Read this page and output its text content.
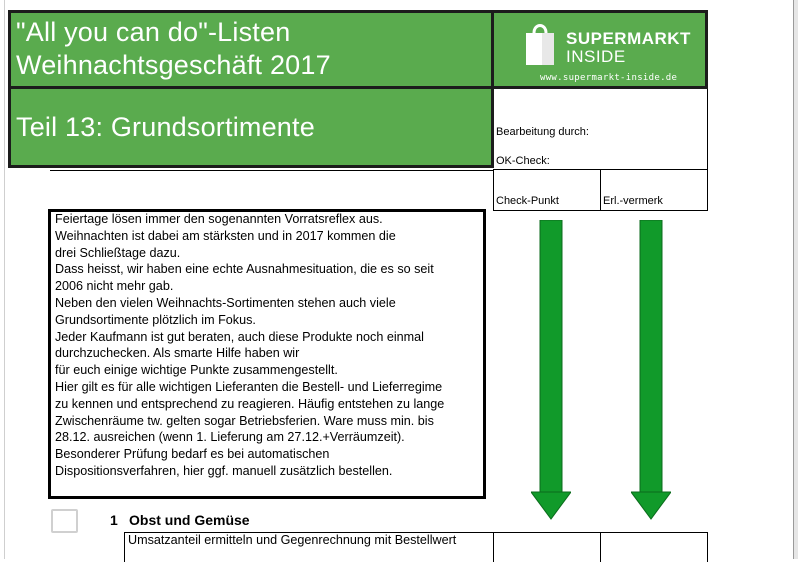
"All you can do"-Listen
Weihnachtsgeschäft 2017
SUPERMARKT
INSIDE
www.supermarkt-inside.de
Teil 13: Grundsortimente	Bearbeitung durch:
OK-Check:
Check-Punkt	Erl.-vermerk
Feiertage lösen immer den sogenannten Vorratsreflex aus.
Weihnachten ist dabei am stärksten und in 2017 kommen die
drei Schließtage dazu.
Dass heisst, wir haben eine echte Ausnahmesituation, die es so seit
2006 nicht mehr gab.
Neben den vielen Weihnachts-Sortimenten stehen auch viele
Grundsortimente plötzlich im Fokus.
Jeder Kaufmann ist gut beraten, auch diese Produkte noch einmal
durchzuchecken. Als smarte Hilfe haben wir
für euch einige wichtige Punkte zusammengestellt.
Hier gilt es für alle wichtigen Lieferanten die Bestell- und Lieferregime
zu kennen und entsprechend zu reagieren. Häufig entstehen zu lange
Zwischenräume tw. gelten sogar Betriebsferien. Ware muss min. bis
28.12. ausreichen (wenn 1. Lieferung am 27.12.+Verräumzeit).
Besonderer Prüfung bedarf es bei automatischen
Dispositionsverfahren, hier ggf. manuell zusätzlich bestellen.
1 Obst und Gemüse
Umsatzanteil ermitteln und Gegenrechnung mit Bestellwert
